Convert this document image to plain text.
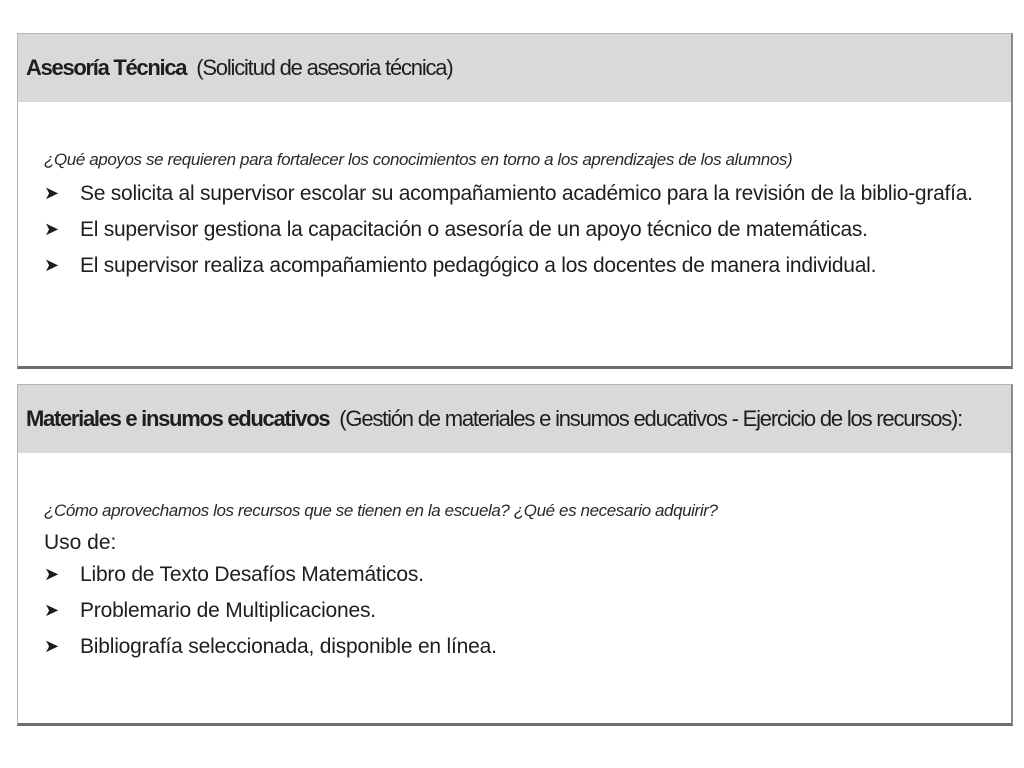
Asesoría Técnica (Solicitud de asesoria técnica)

¿Qué apoyos se requieren para fortalecer los conocimientos en torno a los aprendizajes de los alumnos)

➤ Se solicita al supervisor escolar su acompañamiento académico para la revisión de la biblio-grafía.
➤ El supervisor gestiona la capacitación o asesoría de un apoyo técnico de matemáticas.
➤ El supervisor realiza acompañamiento pedagógico a los docentes de manera individual.
Materiales e insumos educativos (Gestión de materiales e insumos educativos - Ejercicio de los recursos):

¿Cómo aprovechamos los recursos que se tienen en la escuela? ¿Qué es necesario adquirir?

Uso de:
➤ Libro de Texto Desafíos Matemáticos.
➤ Problemario de Multiplicaciones.
➤ Bibliografía seleccionada, disponible en línea.
